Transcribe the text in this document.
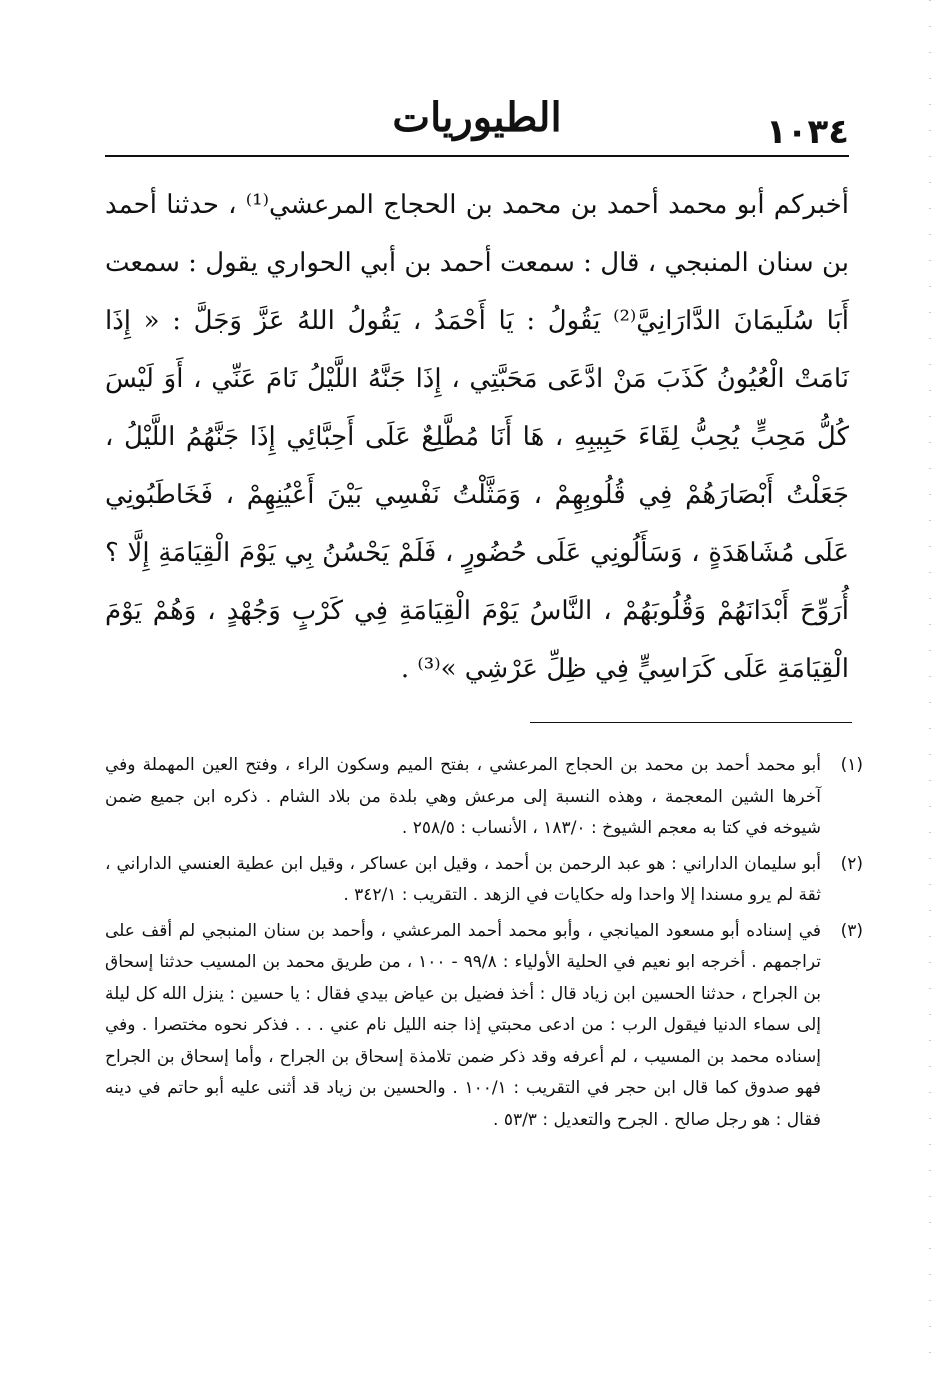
١٠٣٤
الطيوريات

أخبركم أبو محمد أحمد بن محمد بن الحجاج المرعشي⁽¹⁾ ، حدثنا أحمد بن سنان المنبجي ، قال : سمعت أحمد بن أبي الحواري يقول : سمعت أَبَا سُلَيمَانَ الدَّارَانِيَّ⁽²⁾ يَقُولُ : يَا أَحْمَدُ ، يَقُولُ اللهُ عَزَّ وَجَلَّ : « إِذَا نَامَتْ الْعُيُونُ كَذَبَ مَنْ ادَّعَى مَحَبَّتِي ، إِذَا جَنَّهُ اللَّيْلُ نَامَ عَنِّي ، أَوَ لَيْسَ كُلُّ مَحِبٍّ يُحِبُّ لِقَاءَ حَبِيبِهِ ، هَا أَنَا مُطَّلِعٌ عَلَى أَحِبَّائِي إِذَا جَنَّهُمُ اللَّيْلُ ، جَعَلْتُ أَبْصَارَهُمْ فِي قُلُوبِهِمْ ، وَمَثَّلْتُ نَفْسِي بَيْنَ أَعْيُنِهِمْ ، فَخَاطَبُونِي عَلَى مُشَاهَدَةٍ ، وَسَأَلُونِي عَلَى حُضُورٍ ، فَلَمْ يَحْسُنُ بِي يَوْمَ الْقِيَامَةِ إِلَّا ؟ أُرَوِّحَ أَبْدَانَهُمْ وَقُلُوبَهُمْ ، النَّاسُ يَوْمَ الْقِيَامَةِ فِي كَرْبٍ وَجُهْدٍ ، وَهُمْ يَوْمَ الْقِيَامَةِ عَلَى كَرَاسِيٍّ فِي ظِلِّ عَرْشِي »⁽³⁾ .

(١)
أبو محمد أحمد بن محمد بن الحجاج المرعشي ، بفتح الميم وسكون الراء ، وفتح العين المهملة وفي آخرها الشين المعجمة ، وهذه النسبة إلى مرعش وهي بلدة من بلاد الشام . ذكره ابن جميع ضمن شيوخه في كتا به معجم الشيوخ : ١٨٣/٠ ، الأنساب : ٢٥٨/٥ .
(٢)
أبو سليمان الداراني : هو عبد الرحمن بن أحمد ، وقيل ابن عساكر ، وقيل ابن عطية العنسي الداراني ، ثقة لم يرو مسندا إلا واحدا وله حكايات في الزهد . التقريب : ٣٤٢/١ .
(٣)
في إسناده أبو مسعود الميانجي ، وأبو محمد أحمد المرعشي ، وأحمد بن سنان المنبجي لم أقف على تراجمهم . أخرجه ابو نعيم في الحلية الأولياء : ٩٩/٨ - ١٠٠ ، من طريق محمد بن المسيب حدثنا إسحاق بن الجراح ، حدثنا الحسين ابن زياد قال : أخذ فضيل بن عياض بيدي فقال : يا حسين : ينزل الله كل ليلة إلى سماء الدنيا فيقول الرب : من ادعى محبتي إذا جنه الليل نام عني . . . فذكر نحوه مختصرا . وفي إسناده محمد بن المسيب ، لم أعرفه وقد ذكر ضمن تلامذة إسحاق بن الجراح ، وأما إسحاق بن الجراح فهو صدوق كما قال ابن حجر في التقريب : ١٠٠/١ . والحسين بن زياد قد أثنى عليه أبو حاتم في دينه فقال : هو رجل صالح . الجرح والتعديل : ٥٣/٣ .
